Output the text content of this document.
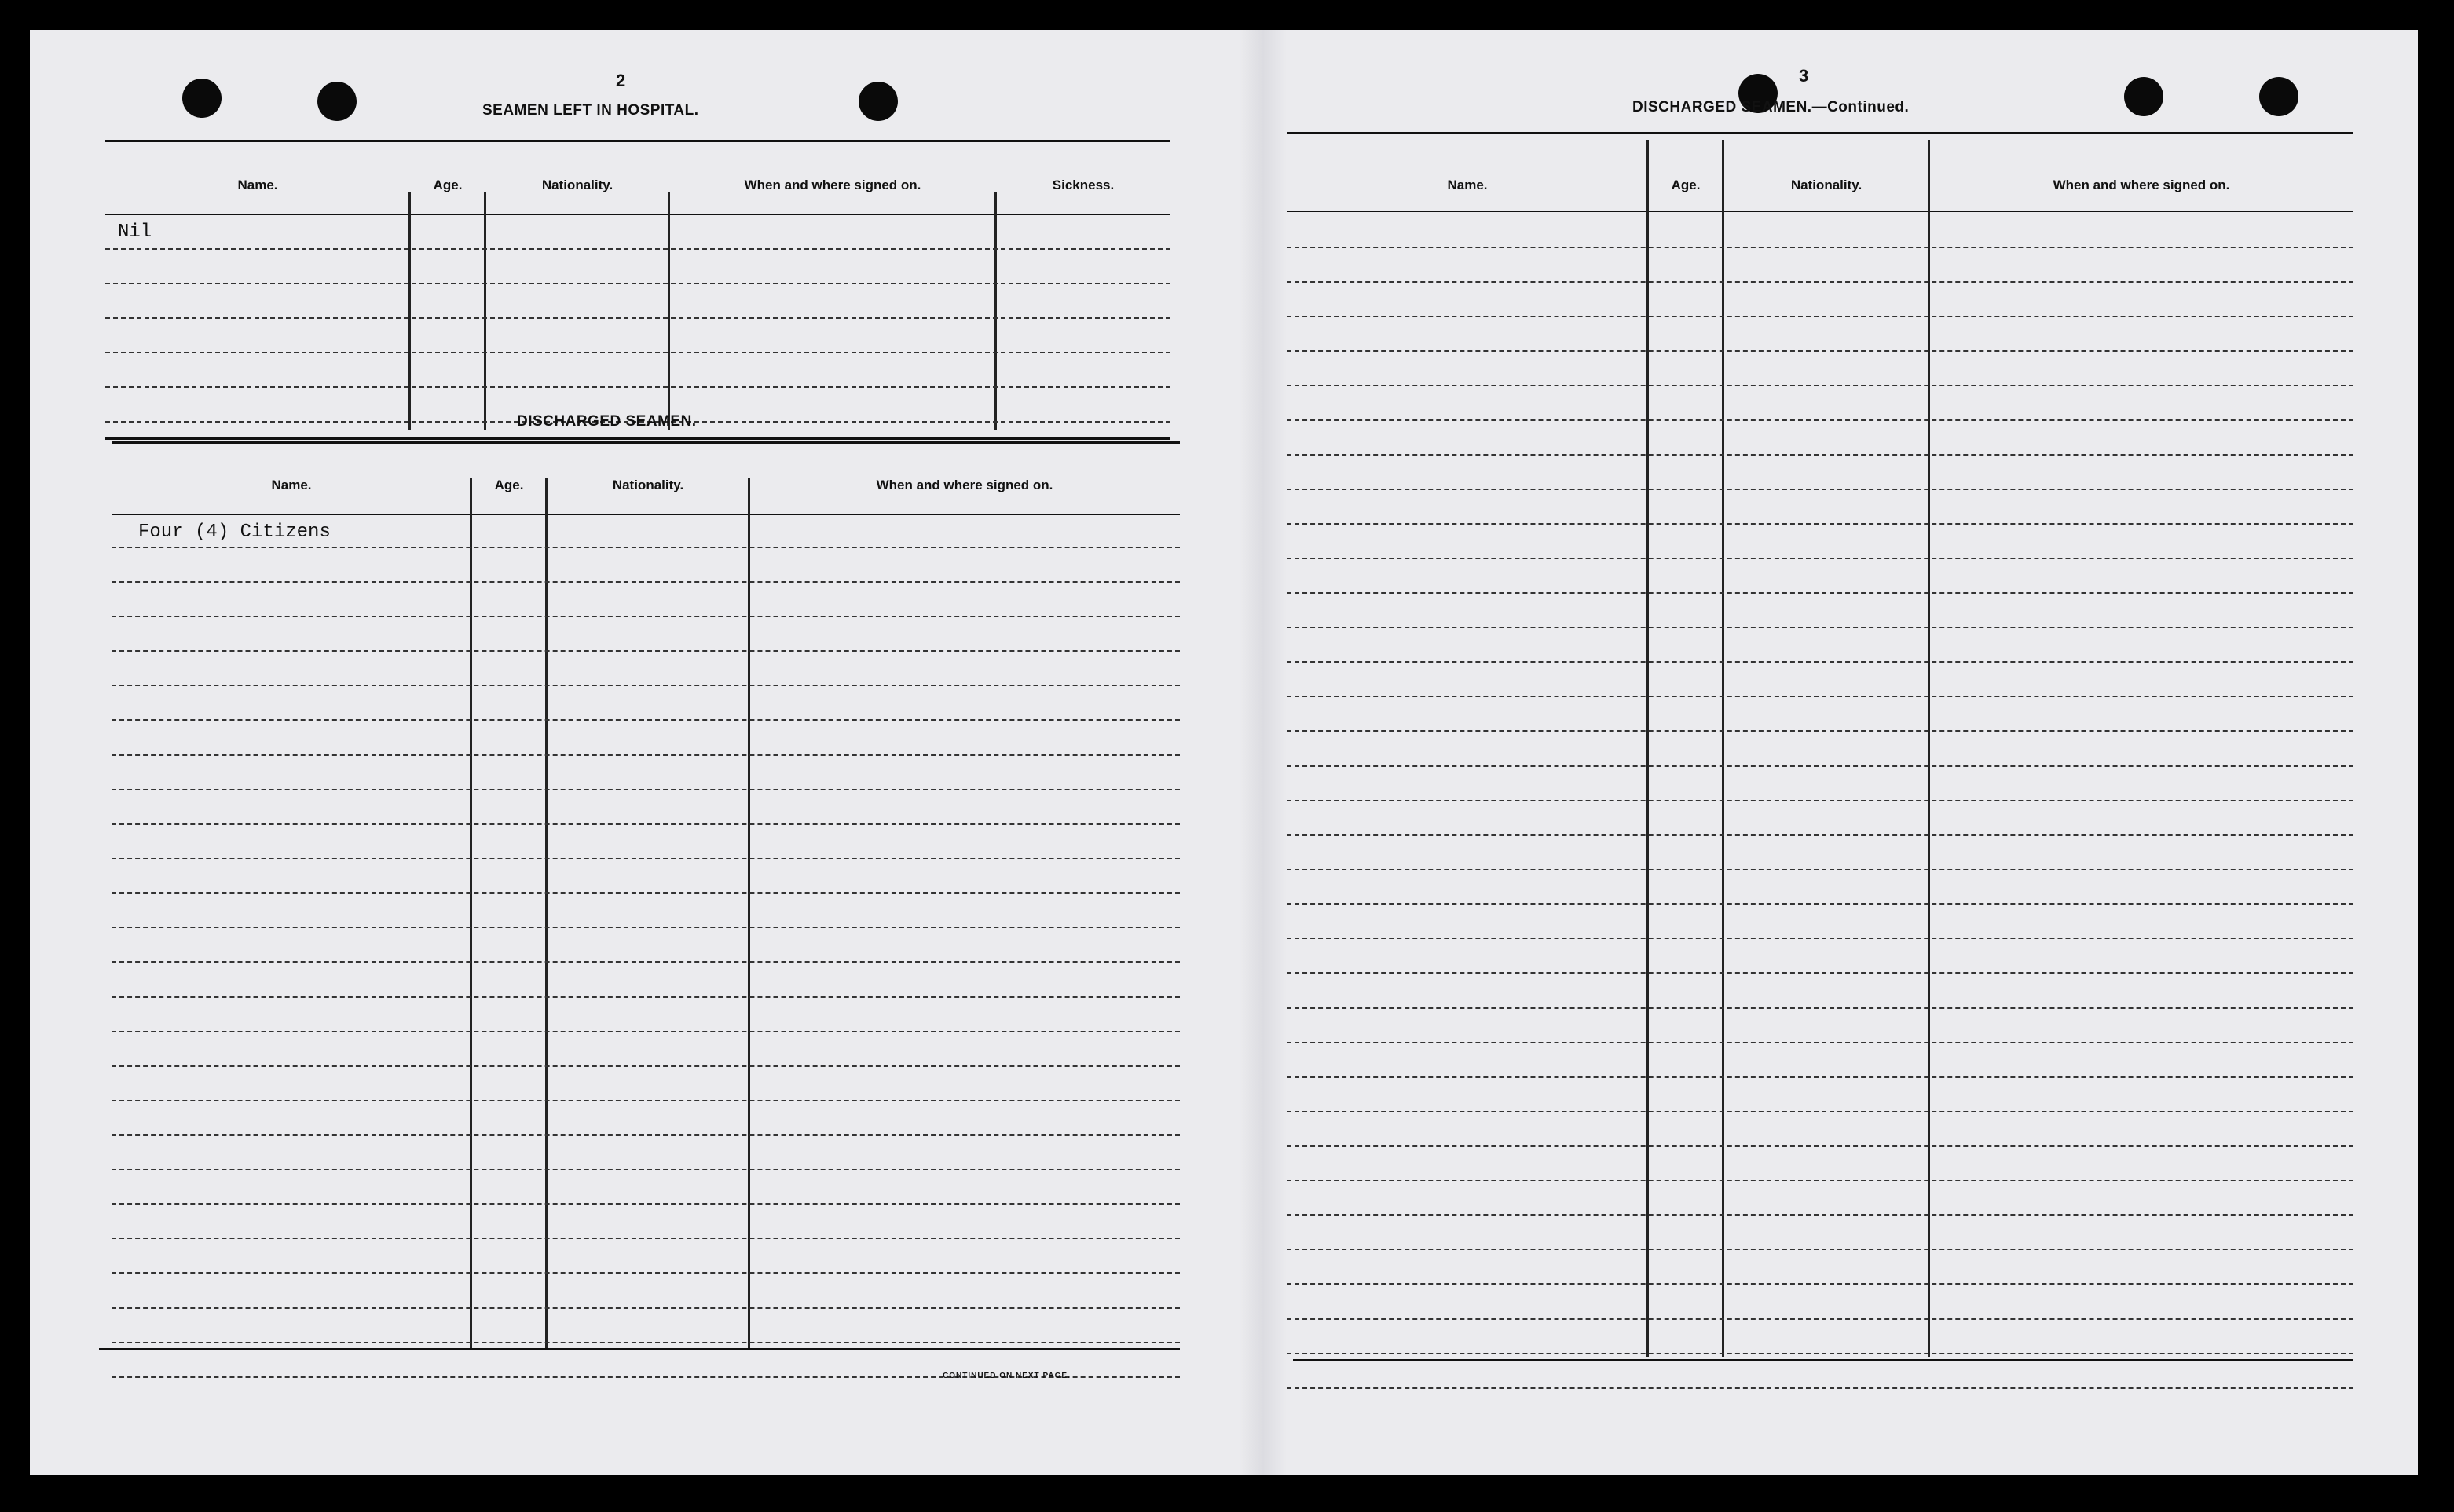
2
SEAMEN LEFT IN HOSPITAL.
Name.	Age.	Nationality.	When and where signed on.	Sickness.
Nil
DISCHARGED SEAMEN.
Name.	Age.	Nationality.	When and where signed on.
Four (4) Citizens
CONTINUED ON NEXT PAGE.
3
DISCHARGED SEAMEN.—Continued.
Name.	Age.	Nationality.	When and where signed on.
